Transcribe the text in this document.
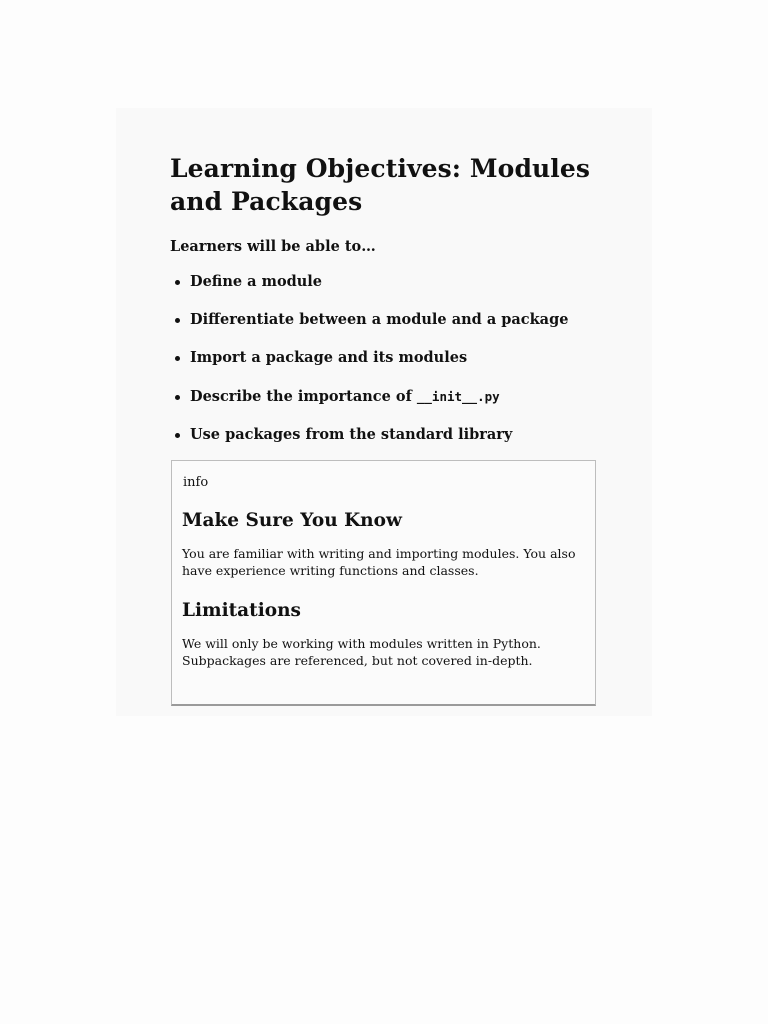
Learning Objectives: Modules and Packages

Learners will be able to…

Define a module
Differentiate between a module and a package
Import a package and its modules
Describe the importance of __init__.py
Use packages from the standard library
info
Make Sure You Know

You are familiar with writing and importing modules. You also have experience writing functions and classes.

Limitations

We will only be working with modules written in Python. Subpackages are referenced, but not covered in-depth.
